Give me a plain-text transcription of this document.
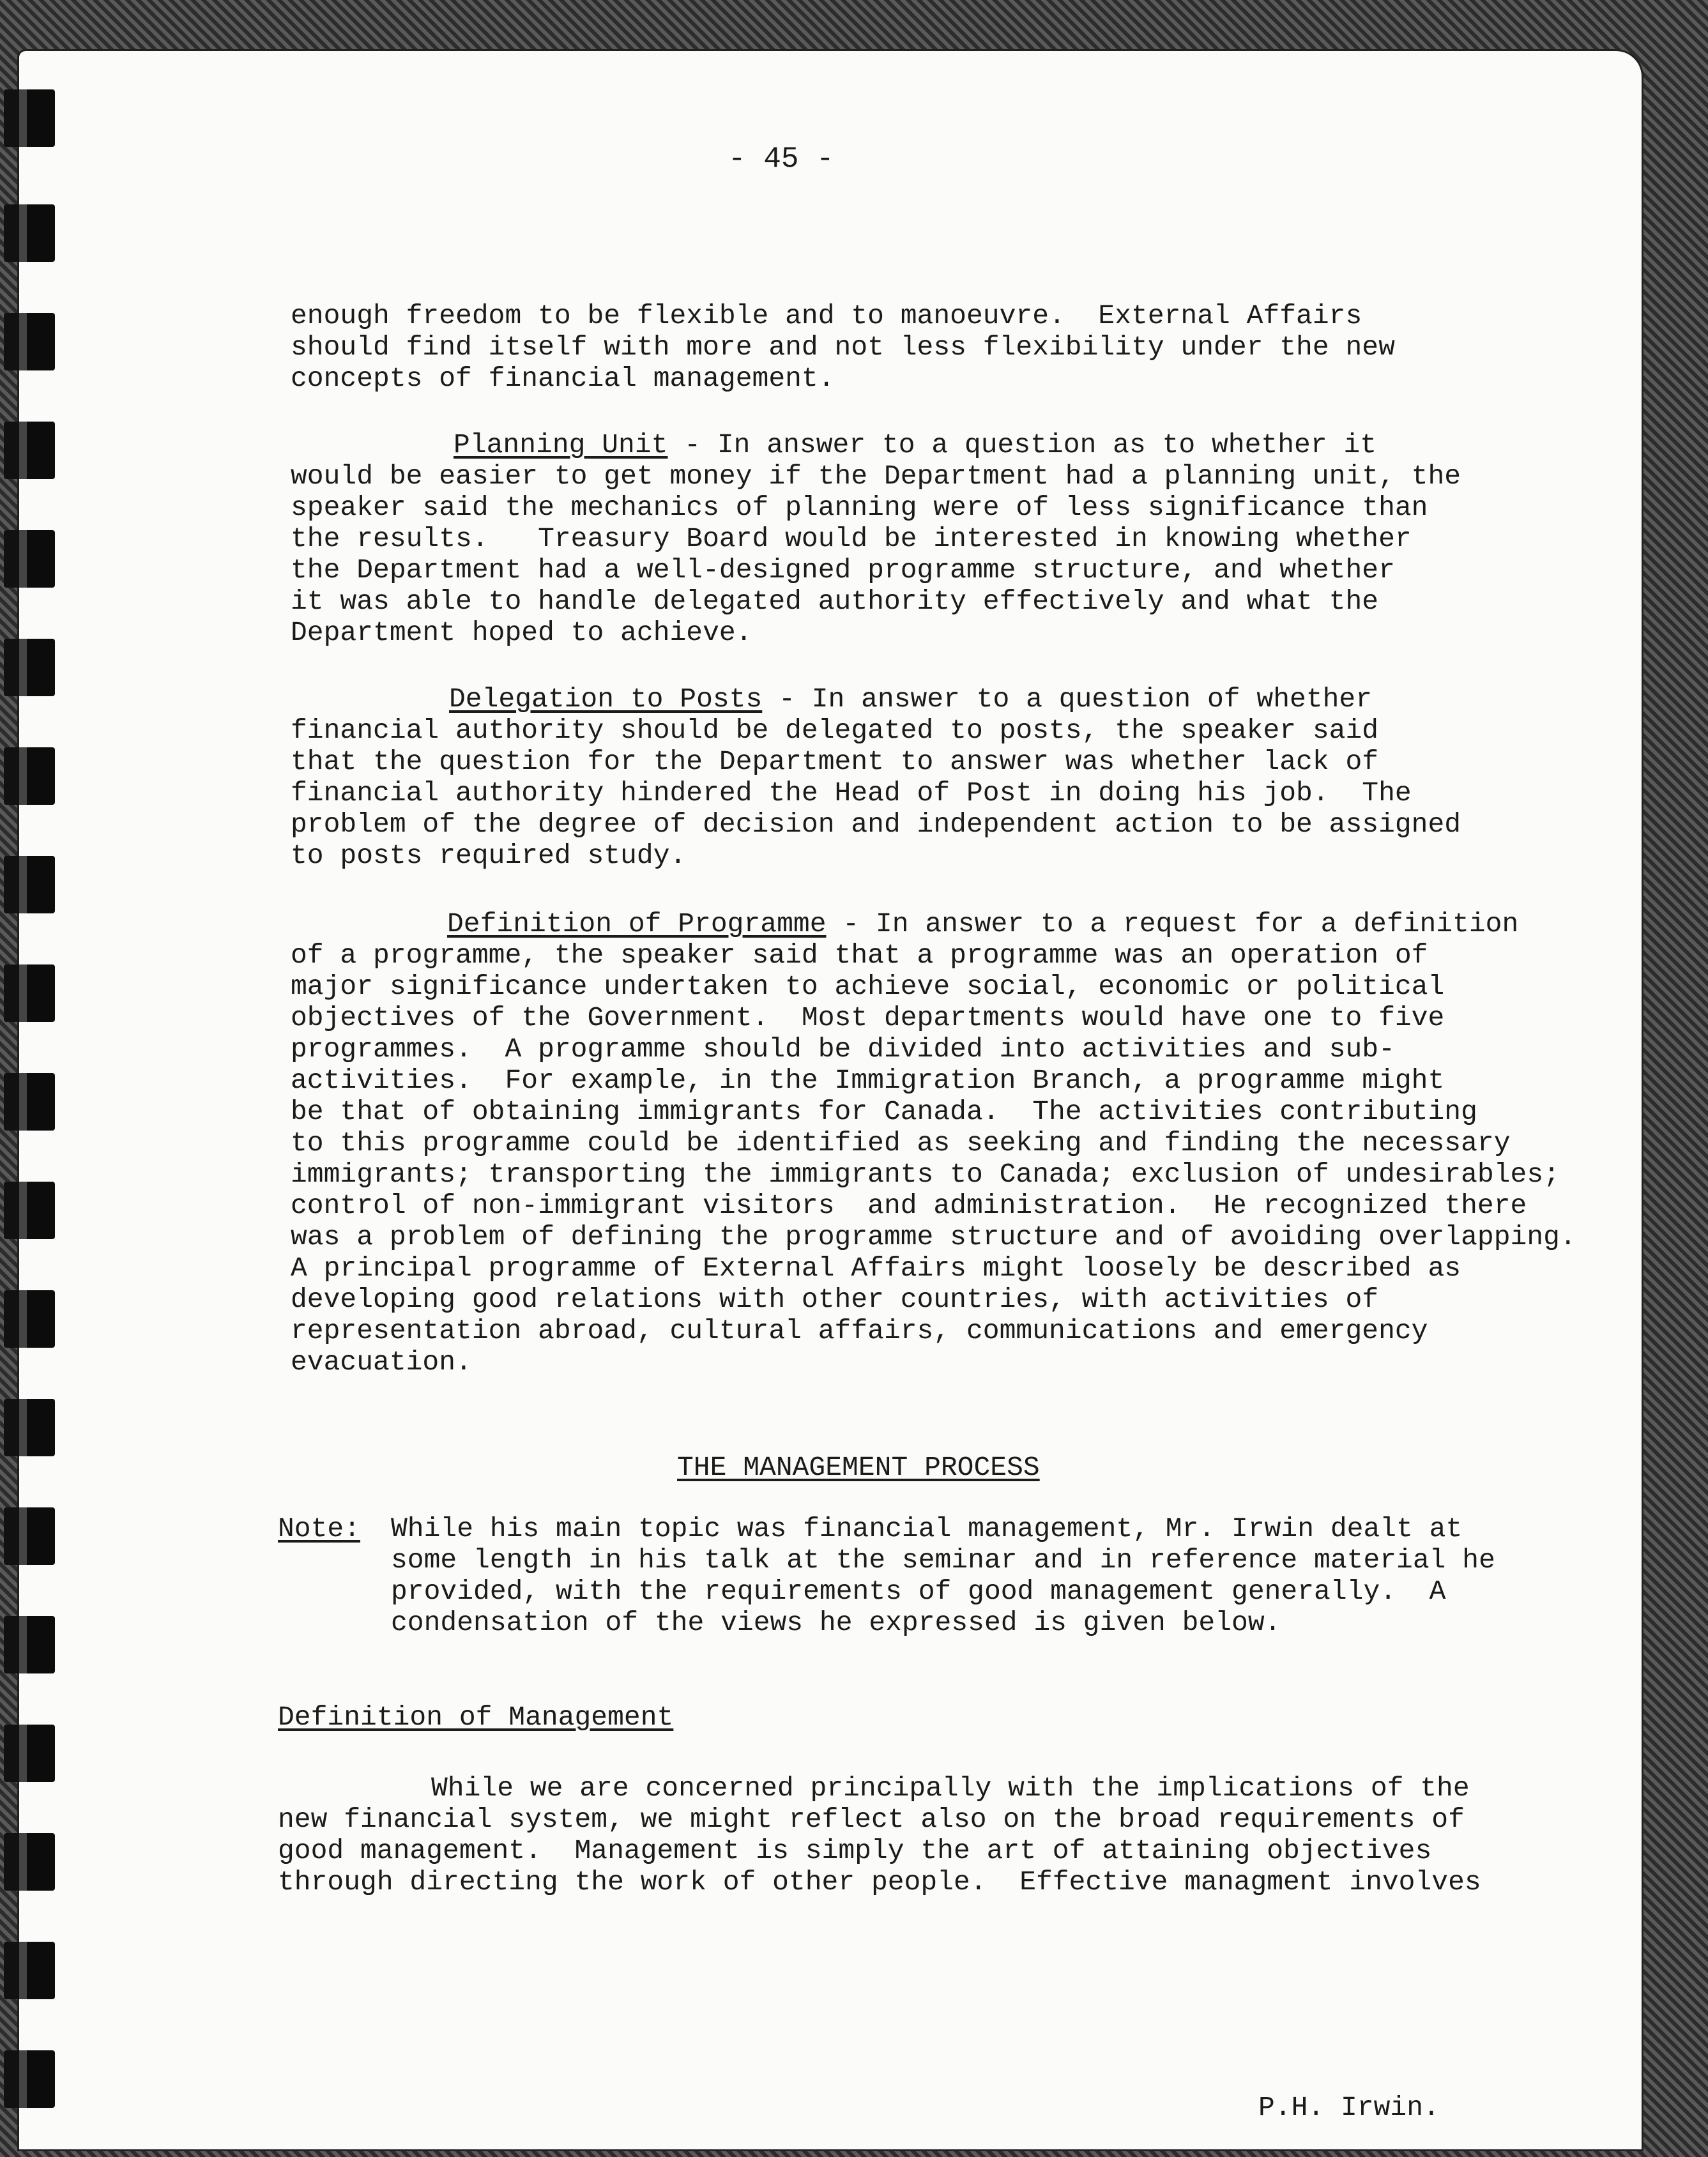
- 45 -
enough freedom to be flexible and to manoeuvre.  External Affairs
should find itself with more and not less flexibility under the new
concepts of financial management.
Planning Unit - In answer to a question as to whether it
would be easier to get money if the Department had a planning unit, the
speaker said the mechanics of planning were of less significance than
the results.   Treasury Board would be interested in knowing whether
the Department had a well-designed programme structure, and whether
it was able to handle delegated authority effectively and what the
Department hoped to achieve.
Delegation to Posts - In answer to a question of whether
financial authority should be delegated to posts, the speaker said
that the question for the Department to answer was whether lack of
financial authority hindered the Head of Post in doing his job.  The
problem of the degree of decision and independent action to be assigned
to posts required study.
Definition of Programme - In answer to a request for a definition
of a programme, the speaker said that a programme was an operation of
major significance undertaken to achieve social, economic or political
objectives of the Government.  Most departments would have one to five
programmes.  A programme should be divided into activities and sub-
activities.  For example, in the Immigration Branch, a programme might
be that of obtaining immigrants for Canada.  The activities contributing
to this programme could be identified as seeking and finding the necessary
immigrants; transporting the immigrants to Canada; exclusion of undesirables;
control of non-immigrant visitors  and administration.  He recognized there
was a problem of defining the programme structure and of avoiding overlapping.
A principal programme of External Affairs might loosely be described as
developing good relations with other countries, with activities of
representation abroad, cultural affairs, communications and emergency
evacuation.
THE MANAGEMENT PROCESS
Note: While his main topic was financial management, Mr. Irwin dealt at
some length in his talk at the seminar and in reference material he
provided, with the requirements of good management generally.  A
condensation of the views he expressed is given below.
Definition of Management
While we are concerned principally with the implications of the
new financial system, we might reflect also on the broad requirements of
good management.  Management is simply the art of attaining objectives
through directing the work of other people.  Effective managment involves
P.H. Irwin.
